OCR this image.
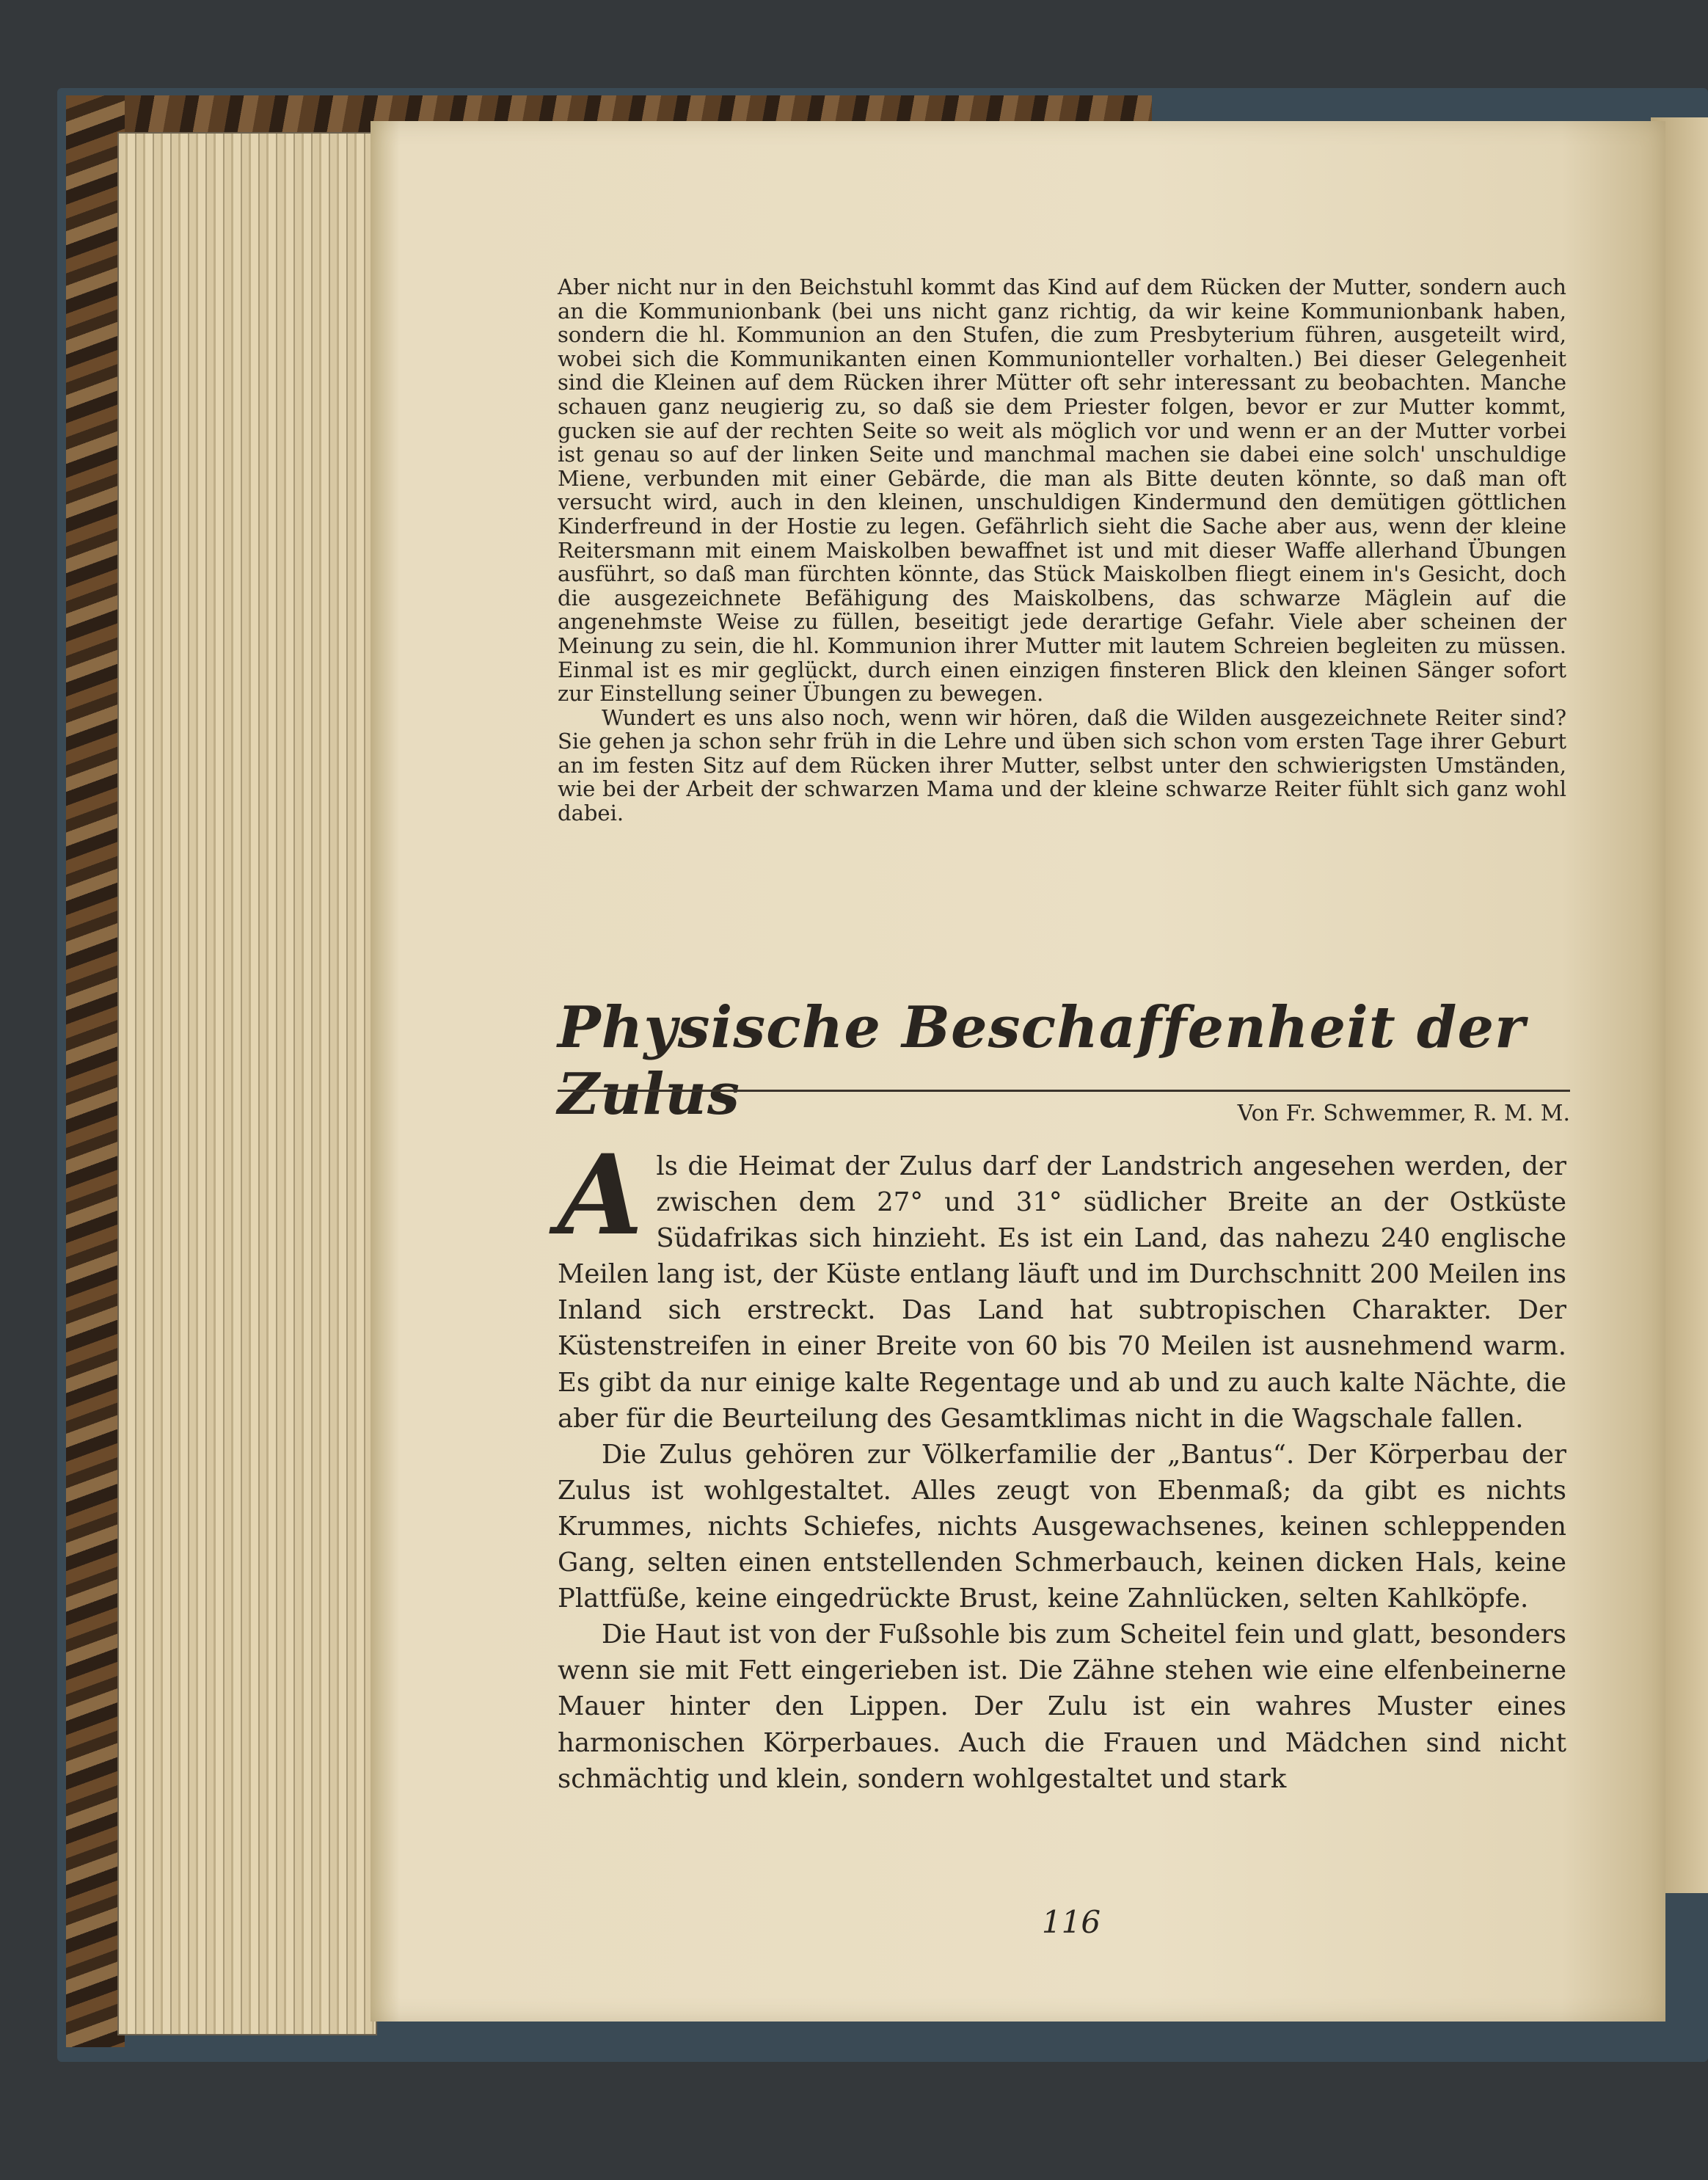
Aber nicht nur in den Beichstuhl kommt das Kind auf dem Rücken der Mutter, sondern auch an die Kommunionbank (bei uns nicht ganz richtig, da wir keine Kommunionbank haben, sondern die hl. Kommunion an den Stufen, die zum Presbyterium führen, ausgeteilt wird, wobei sich die Kommunikanten einen Kommunionteller vorhalten.) Bei dieser Gelegenheit sind die Kleinen auf dem Rücken ihrer Mütter oft sehr interessant zu beobachten. Manche schauen ganz neugierig zu, so daß sie dem Priester folgen, bevor er zur Mutter kommt, gucken sie auf der rechten Seite so weit als möglich vor und wenn er an der Mutter vorbei ist genau so auf der linken Seite und manchmal machen sie dabei eine solch' unschuldige Miene, verbunden mit einer Gebärde, die man als Bitte deuten könnte, so daß man oft versucht wird, auch in den kleinen, unschuldigen Kindermund den demütigen göttlichen Kinderfreund in der Hostie zu legen. Gefährlich sieht die Sache aber aus, wenn der kleine Reitersmann mit einem Maiskolben bewaffnet ist und mit dieser Waffe allerhand Übungen ausführt, so daß man fürchten könnte, das Stück Maiskolben fliegt einem in's Gesicht, doch die ausgezeichnete Befähigung des Maiskolbens, das schwarze Mäglein auf die angenehmste Weise zu füllen, beseitigt jede derartige Gefahr. Viele aber scheinen der Meinung zu sein, die hl. Kommunion ihrer Mutter mit lautem Schreien begleiten zu müssen. Einmal ist es mir geglückt, durch einen einzigen finsteren Blick den kleinen Sänger sofort zur Einstellung seiner Übungen zu bewegen.

Wundert es uns also noch, wenn wir hören, daß die Wilden ausgezeichnete Reiter sind? Sie gehen ja schon sehr früh in die Lehre und üben sich schon vom ersten Tage ihrer Geburt an im festen Sitz auf dem Rücken ihrer Mutter, selbst unter den schwierigsten Umständen, wie bei der Arbeit der schwarzen Mama und der kleine schwarze Reiter fühlt sich ganz wohl dabei.

Physische Beschaffenheit der Zulus	Von Fr. Schwemmer, R. M. M.

Als die Heimat der Zulus darf der Landstrich angesehen werden, der zwischen dem 27° und 31° südlicher Breite an der Ostküste Südafrikas sich hinzieht. Es ist ein Land, das nahezu 240 englische Meilen lang ist, der Küste entlang läuft und im Durchschnitt 200 Meilen ins Inland sich erstreckt. Das Land hat subtropischen Charakter. Der Küstenstreifen in einer Breite von 60 bis 70 Meilen ist ausnehmend warm. Es gibt da nur einige kalte Regentage und ab und zu auch kalte Nächte, die aber für die Beurteilung des Gesamtklimas nicht in die Wagschale fallen.

Die Zulus gehören zur Völkerfamilie der „Bantus“. Der Körperbau der Zulus ist wohlgestaltet. Alles zeugt von Ebenmaß; da gibt es nichts Krummes, nichts Schiefes, nichts Ausgewachsenes, keinen schleppenden Gang, selten einen entstellenden Schmerbauch, keinen dicken Hals, keine Plattfüße, keine eingedrückte Brust, keine Zahnlücken, selten Kahlköpfe.

Die Haut ist von der Fußsohle bis zum Scheitel fein und glatt, besonders wenn sie mit Fett eingerieben ist. Die Zähne stehen wie eine elfenbeinerne Mauer hinter den Lippen. Der Zulu ist ein wahres Muster eines harmonischen Körperbaues. Auch die Frauen und Mädchen sind nicht schmächtig und klein, sondern wohlgestaltet und stark

116
